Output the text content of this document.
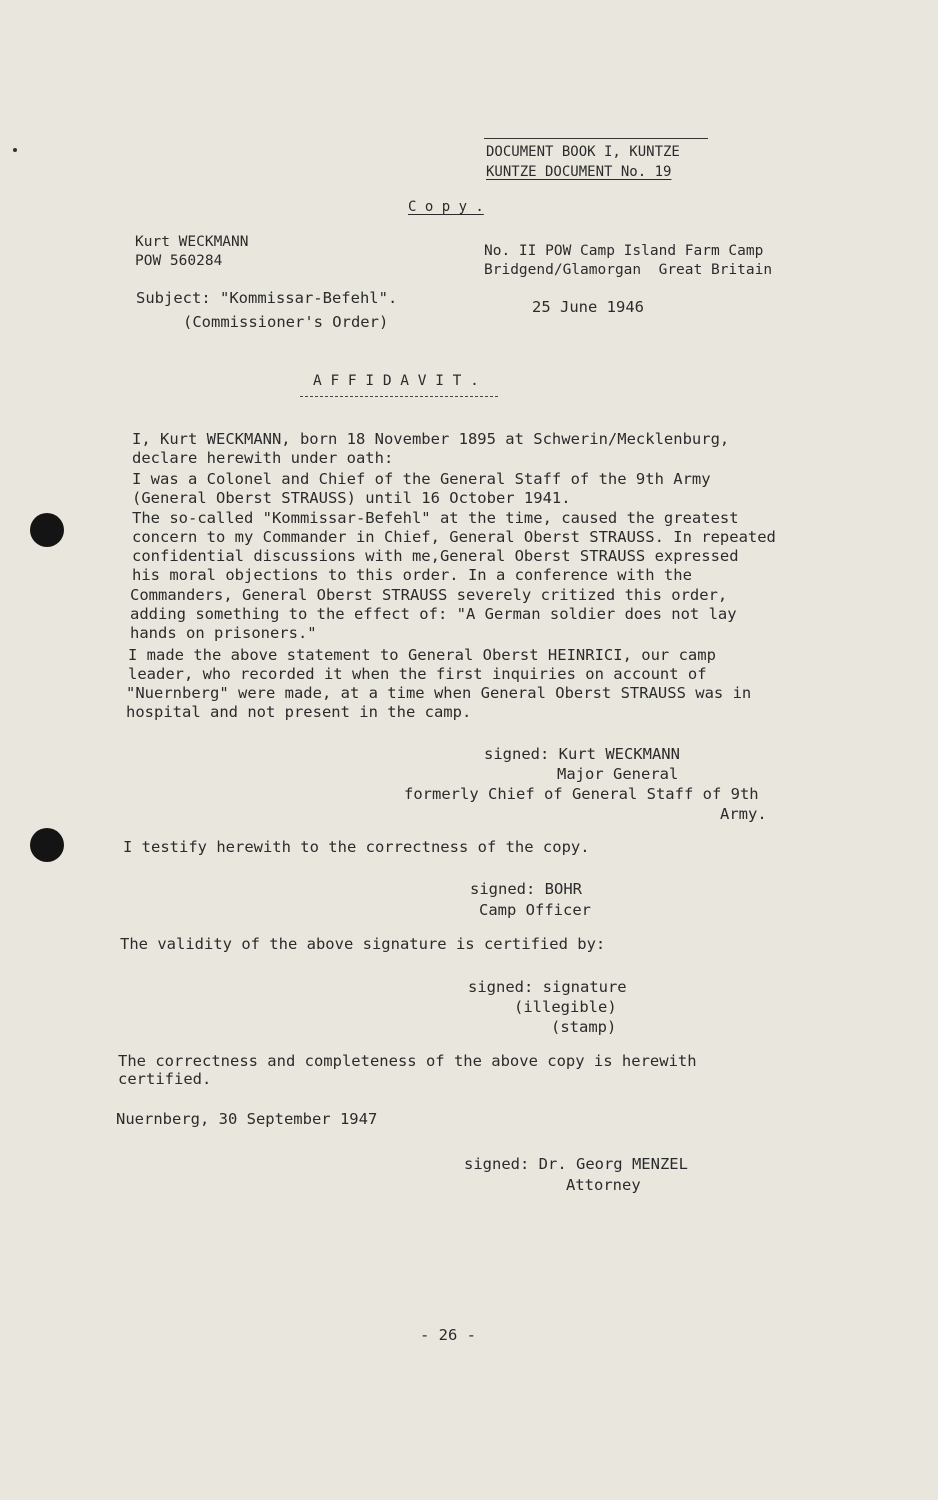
DOCUMENT BOOK I, KUNTZE
KUNTZE DOCUMENT No. 19
C o p y .
Kurt WECKMANN
POW 560284
No. II POW Camp Island Farm Camp
Bridgend/Glamorgan  Great Britain
Subject: "Kommissar-Befehl".
(Commissioner's Order)
25 June 1946
A F F I D A V I T .
I, Kurt WECKMANN, born 18 November 1895 at Schwerin/Mecklenburg,
declare herewith under oath:
I was a Colonel and Chief of the General Staff of the 9th Army
(General Oberst STRAUSS) until 16 October 1941.
The so-called "Kommissar-Befehl" at the time, caused the greatest
concern to my Commander in Chief, General Oberst STRAUSS. In repeated
confidential discussions with me,General Oberst STRAUSS expressed
his moral objections to this order. In a conference with the
Commanders, General Oberst STRAUSS severely critized this order,
adding something to the effect of: "A German soldier does not lay
hands on prisoners."
I made the above statement to General Oberst HEINRICI, our camp
leader, who recorded it when the first inquiries on account of
"Nuernberg" were made, at a time when General Oberst STRAUSS was in
hospital and not present in the camp.
signed: Kurt WECKMANN
Major General
formerly Chief of General Staff of 9th
Army.
I testify herewith to the correctness of the copy.
signed: BOHR
Camp Officer
The validity of the above signature is certified by:
signed: signature
(illegible)
(stamp)
The correctness and completeness of the above copy is herewith
certified.
Nuernberg, 30 September 1947
signed: Dr. Georg MENZEL
Attorney
- 26 -
